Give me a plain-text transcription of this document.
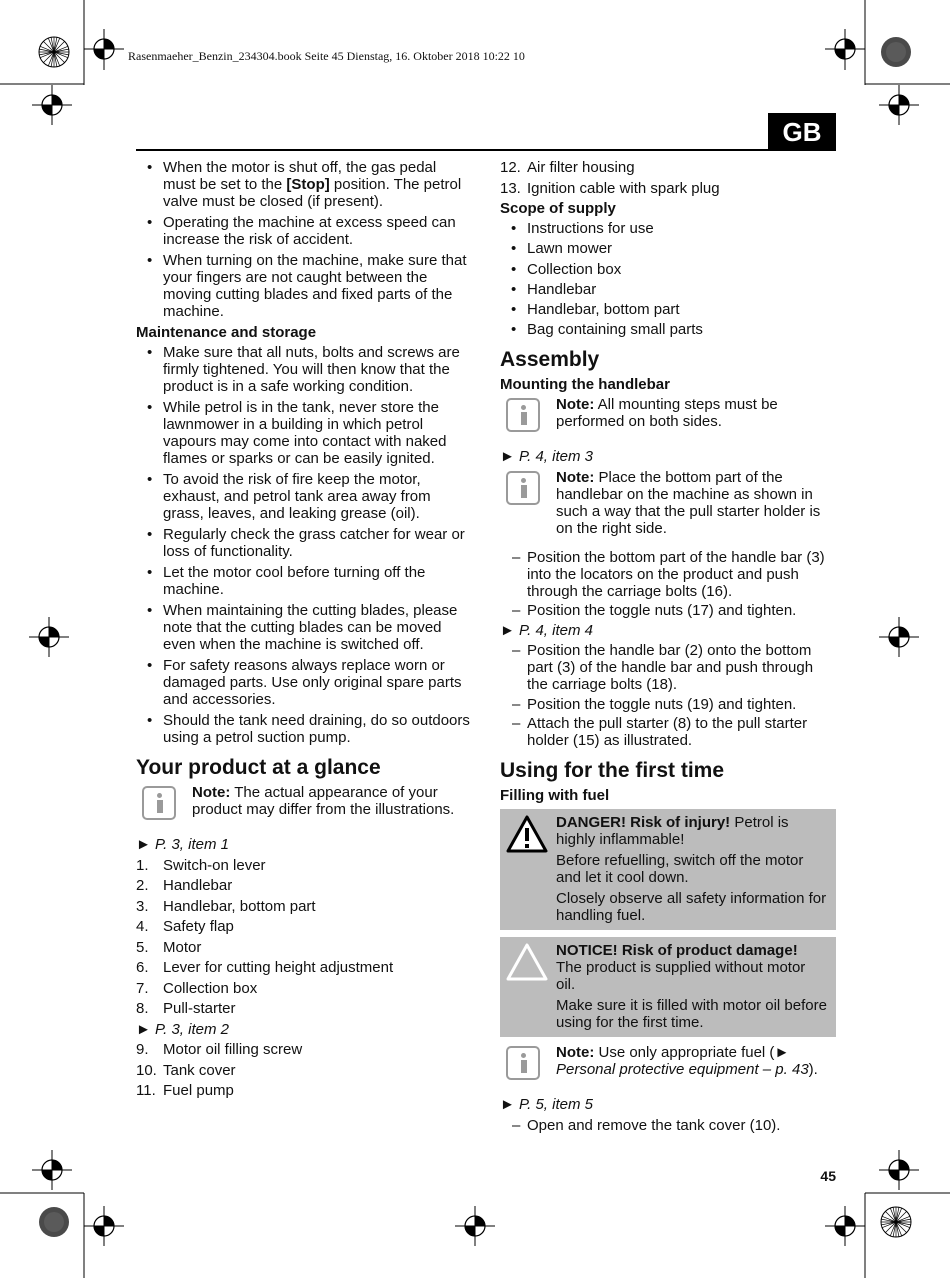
Rasenmaeher_Benzin_234304.book Seite 45 Dienstag, 16. Oktober 2018 10:22 10
GB
• When the motor is shut off, the gas pedal must be set to the [Stop] position. The petrol valve must be closed (if present).
• Operating the machine at excess speed can increase the risk of accident.
• When turning on the machine, make sure that your fingers are not caught between the moving cutting blades and fixed parts of the machine.
Maintenance and storage
• Make sure that all nuts, bolts and screws are firmly tightened. You will then know that the product is in a safe working condition.
• While petrol is in the tank, never store the lawnmower in a building in which petrol vapours may come into contact with naked flames or sparks or can be easily ignited.
• To avoid the risk of fire keep the motor, exhaust, and petrol tank area away from grass, leaves, and leaking grease (oil).
• Regularly check the grass catcher for wear or loss of functionality.
• Let the motor cool before turning off the machine.
• When maintaining the cutting blades, please note that the cutting blades can be moved even when the machine is switched off.
• For safety reasons always replace worn or damaged parts. Use only original spare parts and accessories.
• Should the tank need draining, do so outdoors using a petrol suction pump.
Your product at a glance

Note: The actual appearance of your product may differ from the illustrations.

► P. 3, item 1
1. Switch-on lever
2. Handlebar
3. Handlebar, bottom part
4. Safety flap
5. Motor
6. Lever for cutting height adjustment
7. Collection box
8. Pull-starter
► P. 3, item 2
9. Motor oil filling screw
10. Tank cover
11. Fuel pump
12. Air filter housing
13. Ignition cable with spark plug
Scope of supply
• Instructions for use
• Lawn mower
• Collection box
• Handlebar
• Handlebar, bottom part
• Bag containing small parts
Assembly
Mounting the handlebar

Note: All mounting steps must be performed on both sides.

► P. 4, item 3

Note: Place the bottom part of the handlebar on the machine as shown in such a way that the pull starter holder is on the right side.

– Position the bottom part of the handle bar (3) into the locators on the product and push through the carriage bolts (16).
– Position the toggle nuts (17) and tighten.
► P. 4, item 4
– Position the handle bar (2) onto the bottom part (3) of the handle bar and push through the carriage bolts (18).
– Position the toggle nuts (19) and tighten.
– Attach the pull starter (8) to the pull starter holder (15) as illustrated.
Using for the first time
Filling with fuel

DANGER! Risk of injury! Petrol is highly inflammable!

Before refuelling, switch off the motor and let it cool down.

Closely observe all safety information for handling fuel.

NOTICE! Risk of product damage!

The product is supplied without motor oil.

Make sure it is filled with motor oil before using for the first time.

Note: Use only appropriate fuel (► Personal protective equipment – p. 43).

► P. 5, item 5
– Open and remove the tank cover (10).
45
